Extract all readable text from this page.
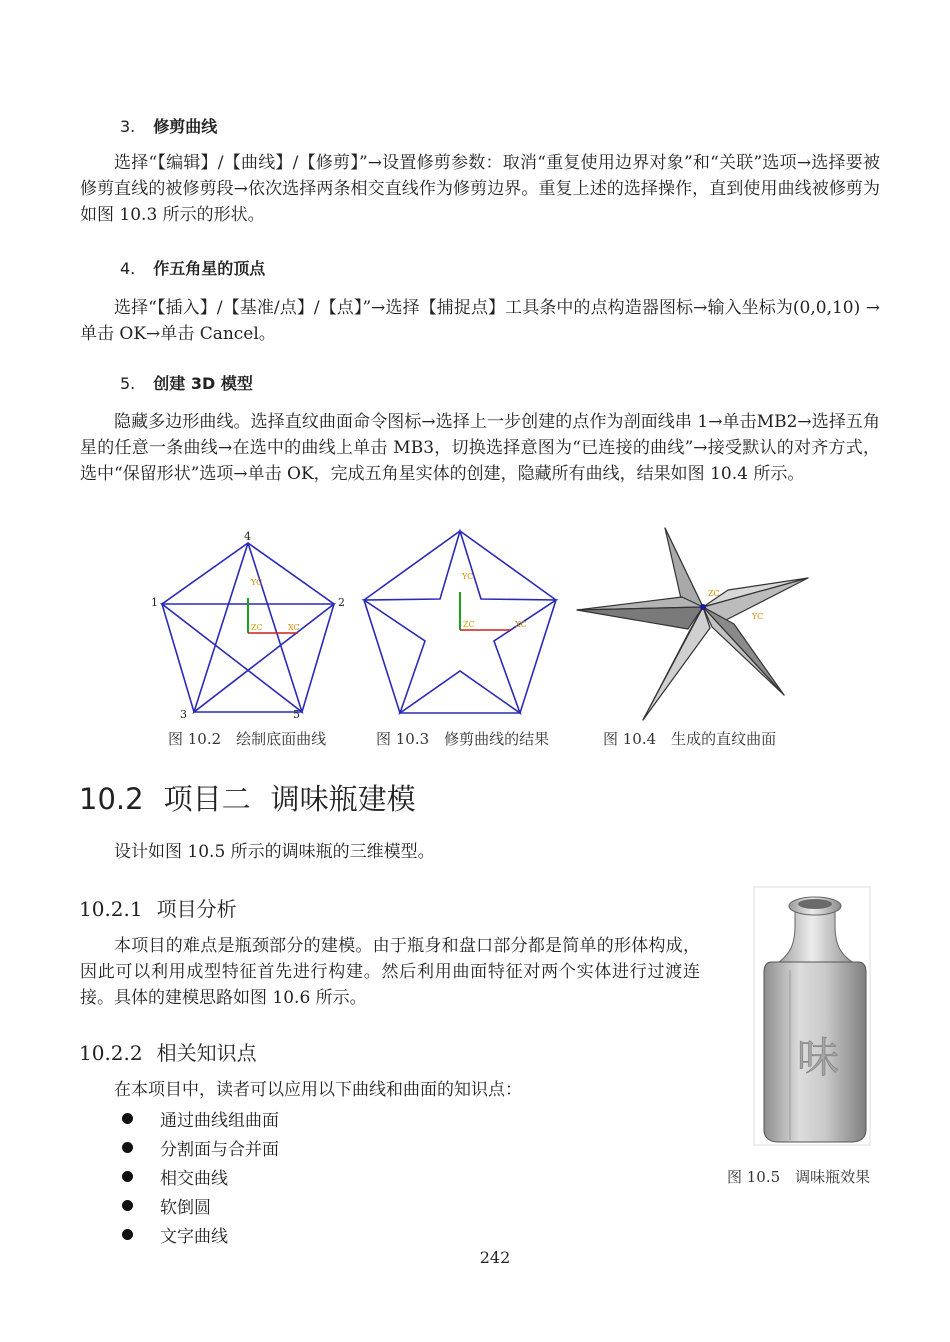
3. 修剪曲线
选择“【编辑】/【曲线】/【修剪】”→设置修剪参数：取消“重复使用边界对象”和“关联”选项→选择要被修剪直线的被修剪段→依次选择两条相交直线作为修剪边界。重复上述的选择操作，直到使用曲线被修剪为如图 10.3 所示的形状。
4. 作五角星的顶点
选择“【插入】/【基准/点】/【点】”→选择【捕捉点】工具条中的点构造器图标→输入坐标为(0,0,10) →单击 OK→单击 Cancel。
5. 创建 3D 模型
隐藏多边形曲线。选择直纹曲面命令图标→选择上一步创建的点作为剖面线串 1→单击MB2→选择五角星的任意一条曲线→在选中的曲线上单击 MB3，切换选择意图为“已连接的曲线”→接受默认的对齐方式，选中“保留形状”选项→单击 OK，完成五角星实体的创建，隐藏所有曲线，结果如图 10.4 所示。
YC
ZC	XC
4
1	2
3	5
YC
ZC	XC
ZC
YC
图 10.2　绘制底面曲线	图 10.3　修剪曲线的结果	图 10.4　生成的直纹曲面
10.2 项目二 调味瓶建模
设计如图 10.5 所示的调味瓶的三维模型。
10.2.1 项目分析
本项目的难点是瓶颈部分的建模。由于瓶身和盘口部分都是简单的形体构成，因此可以利用成型特征首先进行构建。然后利用曲面特征对两个实体进行过渡连接。具体的建模思路如图 10.6 所示。
10.2.2 相关知识点
在本项目中，读者可以应用以下曲线和曲面的知识点：
通过曲线组曲面
分割面与合并面
相交曲线
软倒圆
文字曲线
味
图 10.5　调味瓶效果
242
